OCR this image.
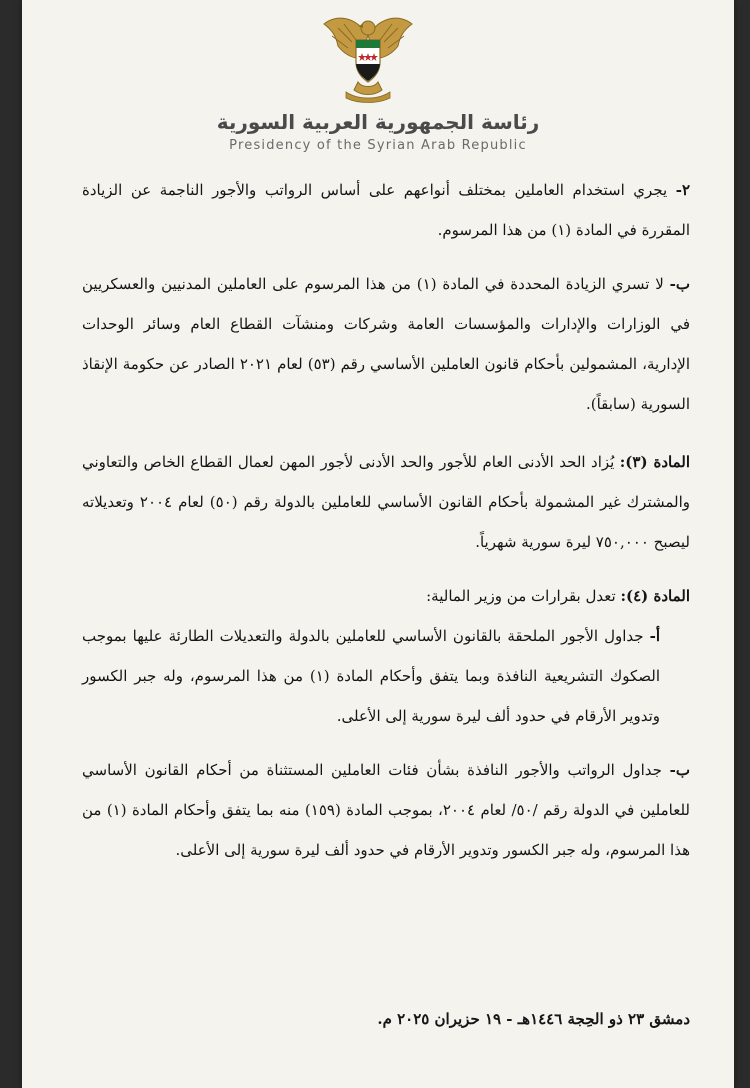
رئاسة الجمهورية العربية السورية
Presidency of the Syrian Arab Republic

٢- يجري استخدام العاملين بمختلف أنواعهم على أساس الرواتب والأجور الناجمة عن الزيادة المقررة في المادة (١) من هذا المرسوم.

ب- لا تسري الزيادة المحددة في المادة (١) من هذا المرسوم على العاملين المدنيين والعسكريين في الوزارات والإدارات والمؤسسات العامة وشركات ومنشآت القطاع العام وسائر الوحدات الإدارية، المشمولين بأحكام قانون العاملين الأساسي رقم (٥٣) لعام ٢٠٢١ الصادر عن حكومة الإنقاذ السورية (سابقاً).

المادة (٣): يُزاد الحد الأدنى العام للأجور والحد الأدنى لأجور المهن لعمال القطاع الخاص والتعاوني والمشترك غير المشمولة بأحكام القانون الأساسي للعاملين بالدولة رقم (٥٠) لعام ٢٠٠٤ وتعديلاته ليصبح ٧٥٠,٠٠٠ ليرة سورية شهرياً.

المادة (٤): تعدل بقرارات من وزير المالية:

أ- جداول الأجور الملحقة بالقانون الأساسي للعاملين بالدولة والتعديلات الطارئة عليها بموجب الصكوك التشريعية النافذة وبما يتفق وأحكام المادة (١) من هذا المرسوم، وله جبر الكسور وتدوير الأرقام في حدود ألف ليرة سورية إلى الأعلى.

ب- جداول الرواتب والأجور النافذة بشأن فئات العاملين المستثناة من أحكام القانون الأساسي للعاملين في الدولة رقم /٥٠/ لعام ٢٠٠٤، بموجب المادة (١٥٩) منه بما يتفق وأحكام المادة (١) من هذا المرسوم، وله جبر الكسور وتدوير الأرقام في حدود ألف ليرة سورية إلى الأعلى.

دمشق ٢٣ ذو الحِجة ١٤٤٦هـ - ١٩ حزيران ٢٠٢٥ م.
